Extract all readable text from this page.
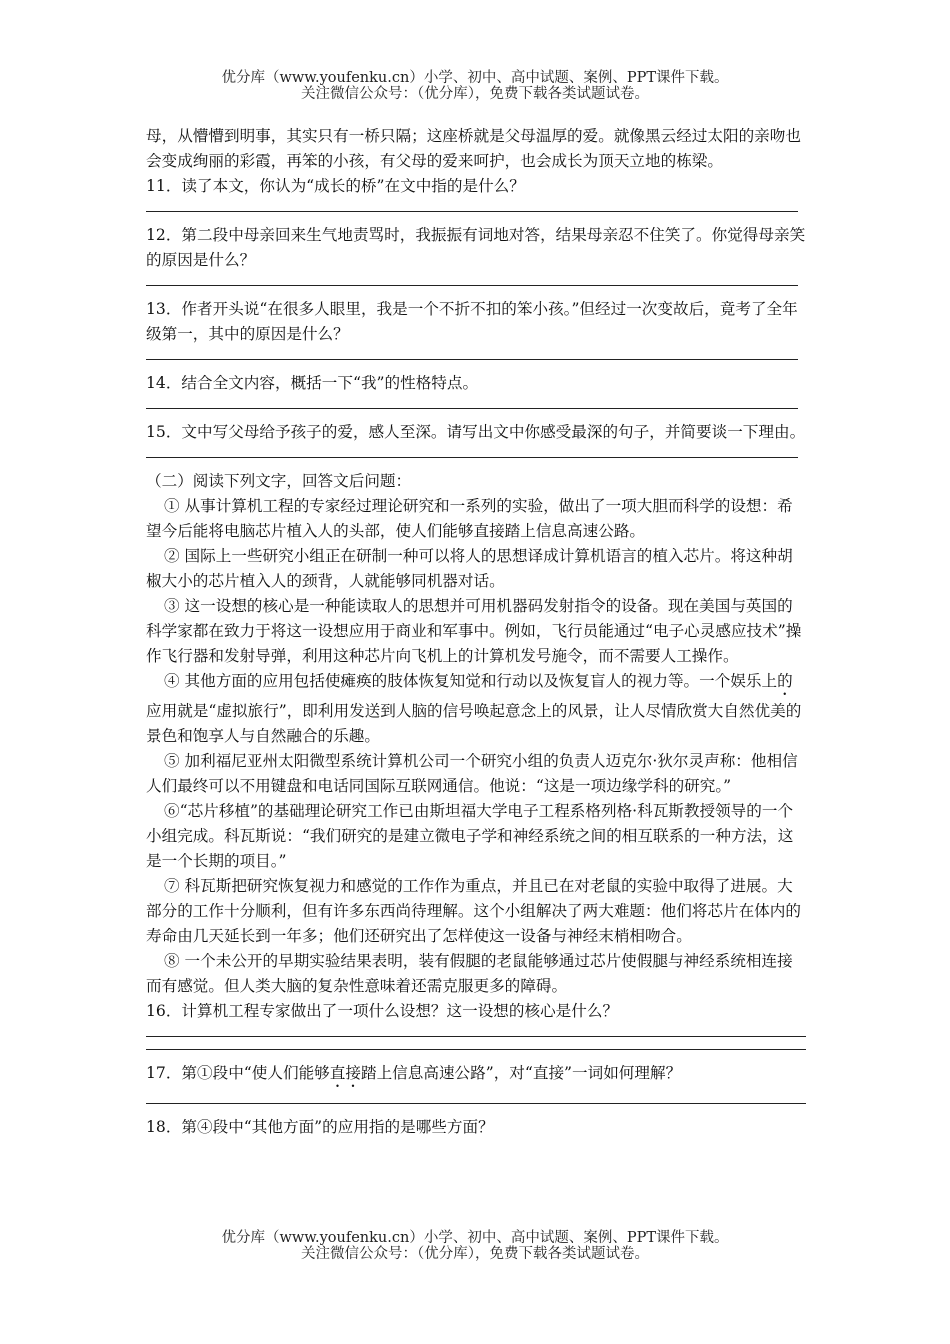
优分库（www.youfenku.cn）小学、初中、高中试题、案例、PPT课件下载。
关注微信公众号：（优分库），免费下载各类试题试卷。

母，从懵懵到明事，其实只有一桥只隔；这座桥就是父母温厚的爱。就像黑云经过太阳的亲吻也会变成绚丽的彩霞，再笨的小孩，有父母的爱来呵护，也会成长为顶天立地的栋梁。

11．读了本文，你认为“成长的桥”在文中指的是什么？

12．第二段中母亲回来生气地责骂时，我振振有词地对答，结果母亲忍不住笑了。你觉得母亲笑的原因是什么？

13．作者开头说“在很多人眼里，我是一个不折不扣的笨小孩。”但经过一次变故后，竟考了全年级第一，其中的原因是什么？

14．结合全文内容，概括一下“我”的性格特点。

15．文中写父母给予孩子的爱，感人至深。请写出文中你感受最深的句子，并简要谈一下理由。

（二）阅读下列文字，回答文后问题：

① 从事计算机工程的专家经过理论研究和一系列的实验，做出了一项大胆而科学的设想：希望今后能将电脑芯片植入人的头部，使人们能够直接踏上信息高速公路。

② 国际上一些研究小组正在研制一种可以将人的思想译成计算机语言的植入芯片。将这种胡椒大小的芯片植入人的颈背，人就能够同机器对话。

③ 这一设想的核心是一种能读取人的思想并可用机器码发射指令的设备。现在美国与英国的科学家都在致力于将这一设想应用于商业和军事中。例如，飞行员能通过“电子心灵感应技术”操作飞行器和发射导弹，利用这种芯片向飞机上的计算机发号施令，而不需要人工操作。

④ 其他方面的应用包括使瘫痪的肢体恢复知觉和行动以及恢复盲人的视力等。一个娱乐上的应用就是“虚拟旅行”，即利用发送到人脑的信号唤起意念上的风景，让人尽情欣赏大自然优美的景色和饱享人与自然融合的乐趣。

⑤ 加利福尼亚州太阳微型系统计算机公司一个研究小组的负责人迈克尔·狄尔灵声称：他相信人们最终可以不用键盘和电话同国际互联网通信。他说：“这是一项边缘学科的研究。”

⑥“芯片移植”的基础理论研究工作已由斯坦福大学电子工程系格列格·科瓦斯教授领导的一个小组完成。科瓦斯说：“我们研究的是建立微电子学和神经系统之间的相互联系的一种方法，这是一个长期的项目。”

⑦ 科瓦斯把研究恢复视力和感觉的工作作为重点，并且已在对老鼠的实验中取得了进展。大部分的工作十分顺利，但有许多东西尚待理解。这个小组解决了两大难题：他们将芯片在体内的寿命由几天延长到一年多；他们还研究出了怎样使这一设备与神经末梢相吻合。

⑧ 一个未公开的早期实验结果表明，装有假腿的老鼠能够通过芯片使假腿与神经系统相连接而有感觉。但人类大脑的复杂性意味着还需克服更多的障碍。

16．计算机工程专家做出了一项什么设想？这一设想的核心是什么？

17．第①段中“使人们能够直接踏上信息高速公路”，对“直接”一词如何理解？

18．第④段中“其他方面”的应用指的是哪些方面？

优分库（www.youfenku.cn）小学、初中、高中试题、案例、PPT课件下载。
关注微信公众号：（优分库），免费下载各类试题试卷。
